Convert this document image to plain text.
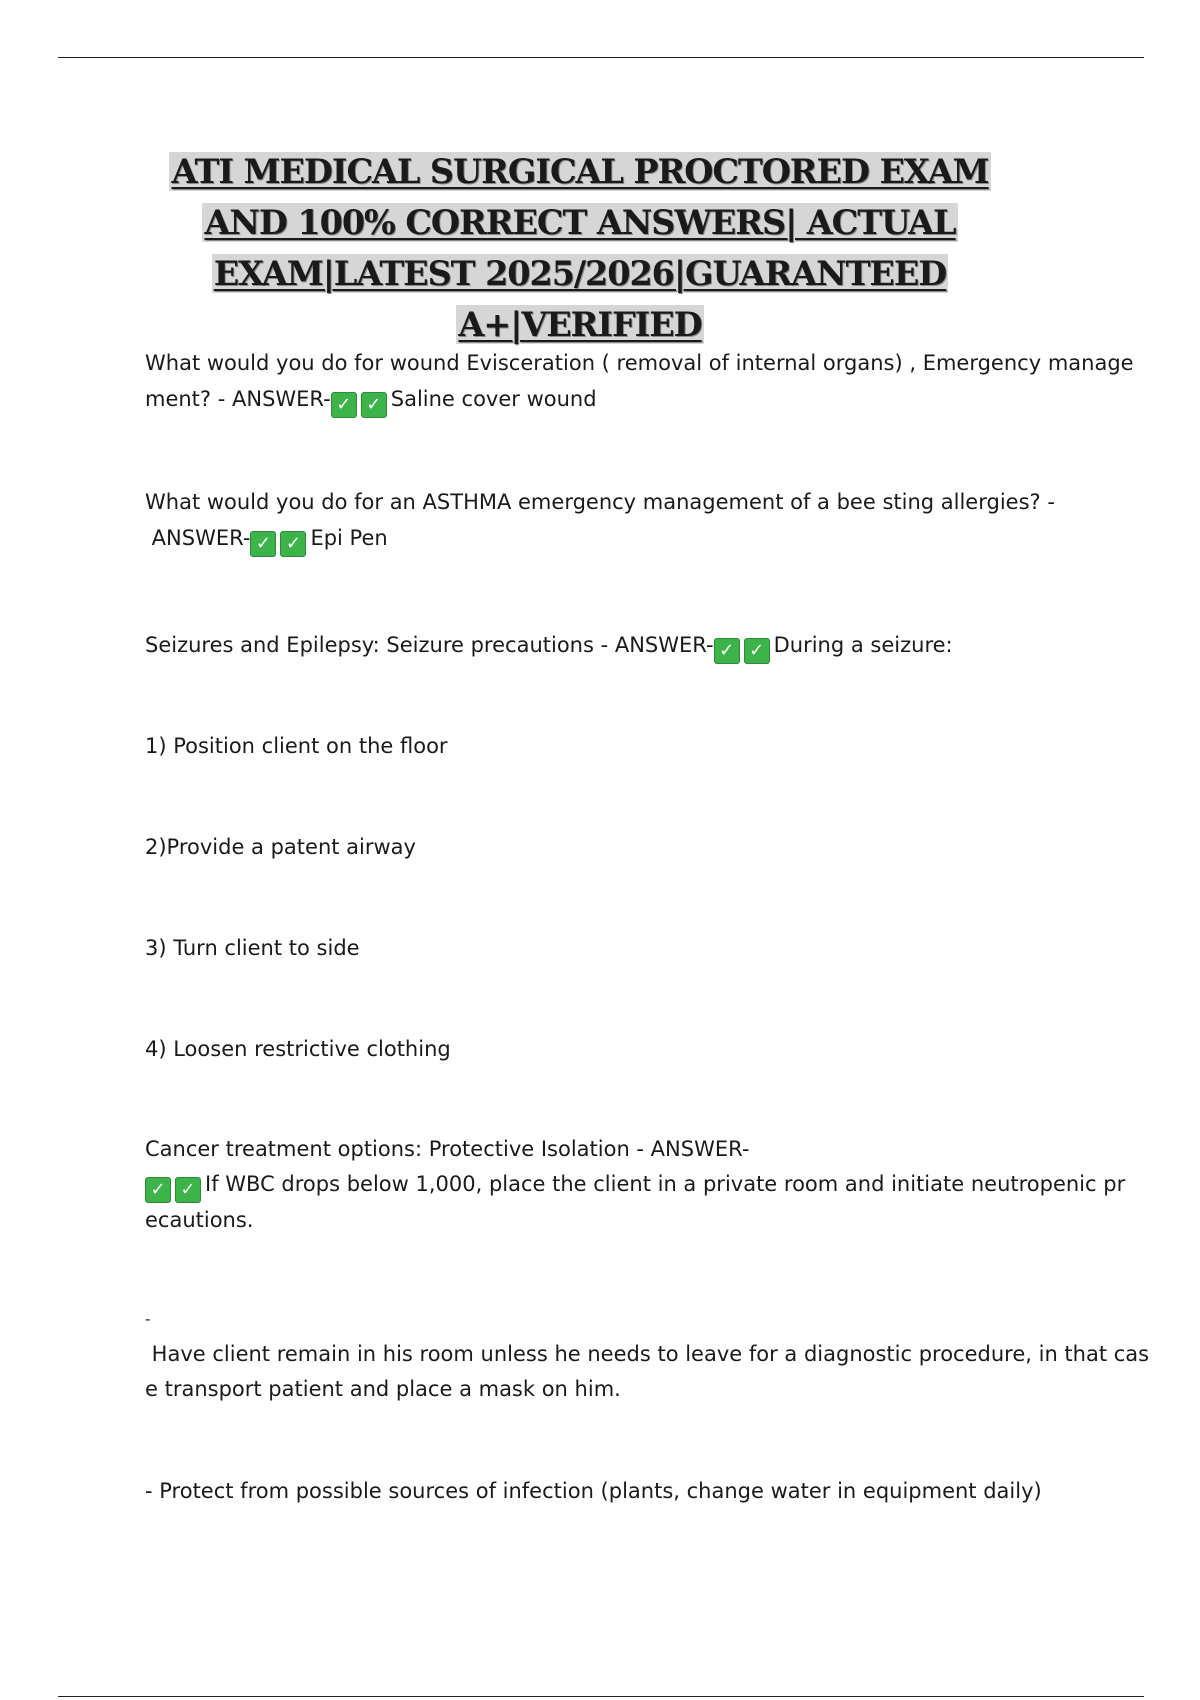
ATI MEDICAL SURGICAL PROCTORED EXAM
AND 100% CORRECT ANSWERS| ACTUAL
EXAM|LATEST 2025/2026|GUARANTEED
A+|VERIFIED
What would you do for wound Evisceration ( removal of internal organs) , Emergency manage
ment? - ANSWER- ✓ ✓ Saline cover wound
What would you do for an ASTHMA emergency management of a bee sting allergies? -
ANSWER- ✓ ✓ Epi Pen
Seizures and Epilepsy: Seizure precautions - ANSWER- ✓ ✓ During a seizure:
1) Position client on the floor
2)Provide a patent airway
3) Turn client to side
4) Loosen restrictive clothing
Cancer treatment options: Protective Isolation - ANSWER-
✓ ✓ If WBC drops below 1,000, place the client in a private room and initiate neutropenic pr
ecautions.
-
Have client remain in his room unless he needs to leave for a diagnostic procedure, in that cas
e transport patient and place a mask on him.
- Protect from possible sources of infection (plants, change water in equipment daily)
